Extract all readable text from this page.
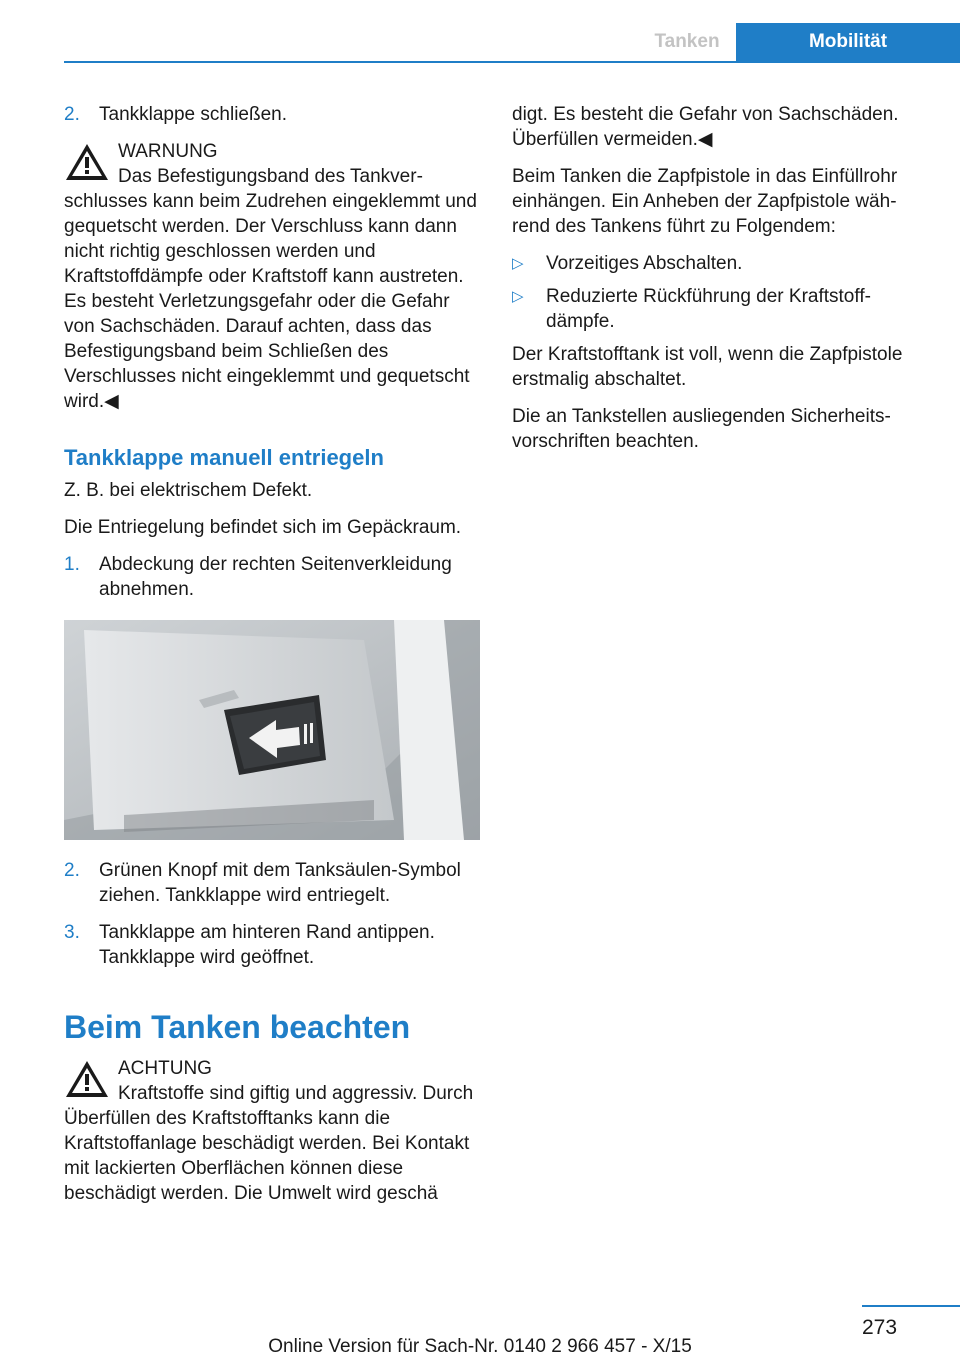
Tanken	Mobilität
2. Tankklappe schließen.
WARNUNG
Das Befestigungsband des Tankverschlusses kann beim Zudrehen eingeklemmt und gequetscht werden. Der Verschluss kann dann nicht richtig geschlossen werden und Kraftstoffdämpfe oder Kraftstoff kann austreten. Es besteht Verletzungsgefahr oder die Gefahr von Sachschäden. Darauf achten, dass das Befestigungsband beim Schließen des Verschlusses nicht eingeklemmt und gequetscht wird.◀
Tankklappe manuell entriegeln

Z. B. bei elektrischem Defekt.

Die Entriegelung befindet sich im Gepäckraum.

1. Abdeckung der rechten Seitenverkleidung abnehmen.
2. Grünen Knopf mit dem Tanksäulen-Symbol ziehen. Tankklappe wird entriegelt.
3. Tankklappe am hinteren Rand antippen. Tankklappe wird geöffnet.
Beim Tanken beachten
ACHTUNG
Kraftstoffe sind giftig und aggressiv. Durch Überfüllen des Kraftstofftanks kann die Kraftstoffanlage beschädigt werden. Bei Kontakt mit lackierten Oberflächen können diese beschädigt werden. Die Umwelt wird geschä

digt. Es besteht die Gefahr von Sachschäden. Überfüllen vermeiden.◀

Beim Tanken die Zapfpistole in das Einfüllrohr einhängen. Ein Anheben der Zapfpistole während des Tankens führt zu Folgendem:

▷ Vorzeitiges Abschalten.
▷ Reduzierte Rückführung der Kraftstoffdämpfe.

Der Kraftstofftank ist voll, wenn die Zapfpistole erstmalig abschaltet.

Die an Tankstellen ausliegenden Sicherheitsvorschriften beachten.

273
Online Version für Sach-Nr. 0140 2 966 457 - X/15
